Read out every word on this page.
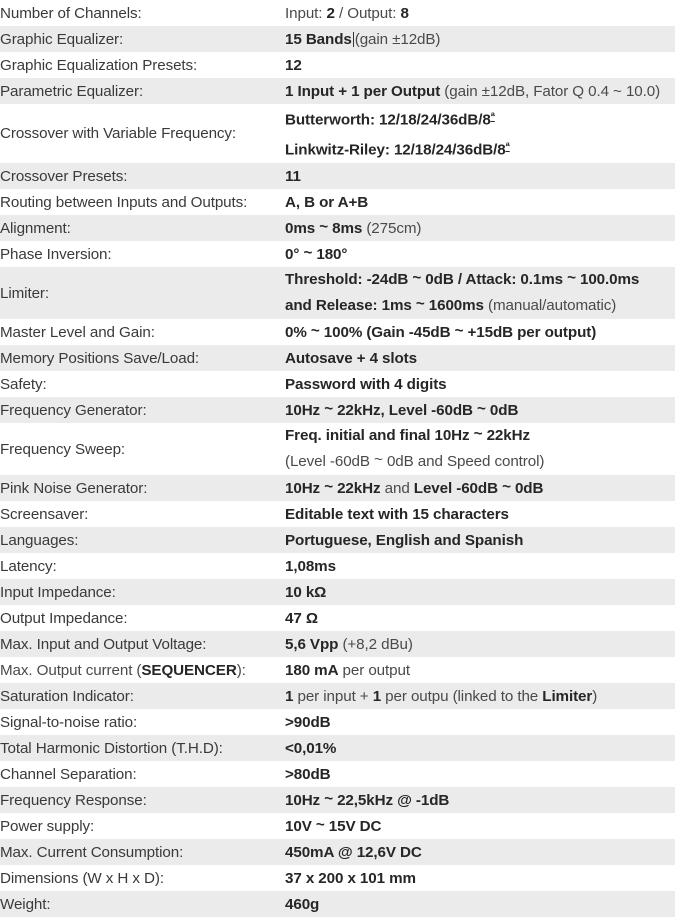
Number of Channels:	Input: 2 / Output: 8
Graphic Equalizer:	15 Bands (gain ±12dB)
Graphic Equalization Presets:	12
Parametric Equalizer:	1 Input + 1 per Output (gain ±12dB, Fator Q 0.4 ~ 10.0)
Crossover with Variable Frequency:	Butterworth: $12/18/24/36dB/8^ª$
Linkwitz-Riley: $12/18/24/36dB/8^ª$

Crossover Presets:	11
Routing between Inputs and Outputs:	A, B or A+B
Alignment:	0ms ~ 8ms (275cm)
Phase Inversion:	0° ~ 180°
Limiter:	Threshold: -24dB ~ 0dB / Attack: 0.1ms ~ 100.0ms
and Release: 1ms ~ 1600ms (manual/automatic)

Master Level and Gain:	0% ~ 100% (Gain -45dB ~ +15dB per output)
Memory Positions Save/Load:	Autosave + 4 slots
Safety:	Password with 4 digits
Frequency Generator:	10Hz ~ 22kHz, Level -60dB ~ 0dB
Frequency Sweep:	Freq. initial and final 10Hz ~ 22kHz
(Level -60dB ~ 0dB and Speed control)

Pink Noise Generator:	10Hz ~ 22kHz and Level -60dB ~ 0dB
Screensaver:	Editable text with 15 characters
Languages:	Portuguese, English and Spanish
Latency:	1,08ms
Input Impedance:	10 kΩ
Output Impedance:	47 Ω
Max. Input and Output Voltage:	5,6 Vpp (+8,2 dBu)
Max. Output current (SEQUENCER):	180 mA per output
Saturation Indicator:	1 per input + 1 per outpu (linked to the Limiter)
Signal-to-noise ratio:	>90dB
Total Harmonic Distortion (T.H.D):	<0,01%
Channel Separation:	>80dB
Frequency Response:	10Hz ~ 22,5kHz @ -1dB
Power supply:	10V ~ 15V DC
Max. Current Consumption:	450mA @ 12,6V DC
Dimensions (W x H x D):	37 x 200 x 101 mm
Weight:	460g
